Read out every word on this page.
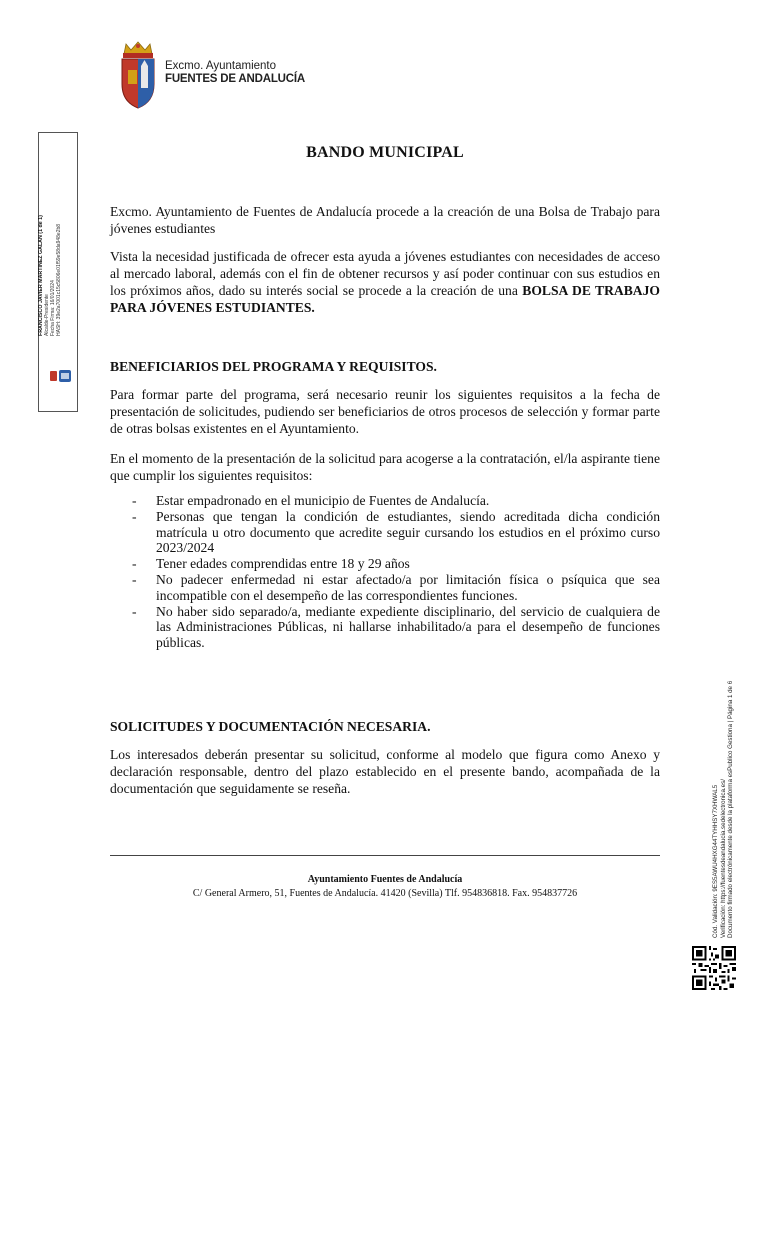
Excmo. Ayuntamiento
FUENTES DE ANDALUCÍA
FRANCISCO JAVIER MARTINEZ GALAN (1 de 1)
Alcalde-Presidente
Fecha Firma: 16/01/2024
HASH: 39e2a7001c15c5806e01f59e58da948e2b8
Cód. Validación: 9ES5AWU4HXG44TYHHSY7XHWAL5
Verificación: https://fuentesdeandalucia.sedelectronica.es/
Documento firmado electrónicamente desde la plataforma esPublico Gestiona | Página 1 de 6
BANDO MUNICIPAL

Excmo. Ayuntamiento de Fuentes de Andalucía procede a la creación de una Bolsa de Trabajo para jóvenes estudiantes

Vista la necesidad justificada de ofrecer esta ayuda a jóvenes estudiantes con necesidades de acceso al mercado laboral, además con el fin de obtener recursos y así poder continuar con sus estudios en los próximos años, dado su interés social se procede a la creación de una BOLSA DE TRABAJO PARA JÓVENES ESTUDIANTES.

BENEFICIARIOS DEL PROGRAMA Y REQUISITOS.

Para formar parte del programa, será necesario reunir los siguientes requisitos a la fecha de presentación de solicitudes, pudiendo ser beneficiarios de otros procesos de selección y formar parte de otras bolsas existentes en el Ayuntamiento.

En el momento de la presentación de la solicitud para acogerse a la contratación, el/la aspirante tiene que cumplir los siguientes requisitos:

- Estar empadronado en el municipio de Fuentes de Andalucía.
- Personas que tengan la condición de estudiantes, siendo acreditada dicha condición matrícula u otro documento que acredite seguir cursando los estudios en el próximo curso 2023/2024
- Tener edades comprendidas entre 18 y 29 años
- No padecer enfermedad ni estar afectado/a por limitación física o psíquica que sea incompatible con el desempeño de las correspondientes funciones.
- No haber sido separado/a, mediante expediente disciplinario, del servicio de cualquiera de las Administraciones Públicas, ni hallarse inhabilitado/a para el desempeño de funciones públicas.

SOLICITUDES Y DOCUMENTACIÓN NECESARIA.

Los interesados deberán presentar su solicitud, conforme al modelo que figura como Anexo y declaración responsable, dentro del plazo establecido en el presente bando, acompañada de la documentación que seguidamente se reseña.

Ayuntamiento Fuentes de Andalucía
C/ General Armero, 51, Fuentes de Andalucía. 41420 (Sevilla) Tlf. 954836818. Fax. 954837726
